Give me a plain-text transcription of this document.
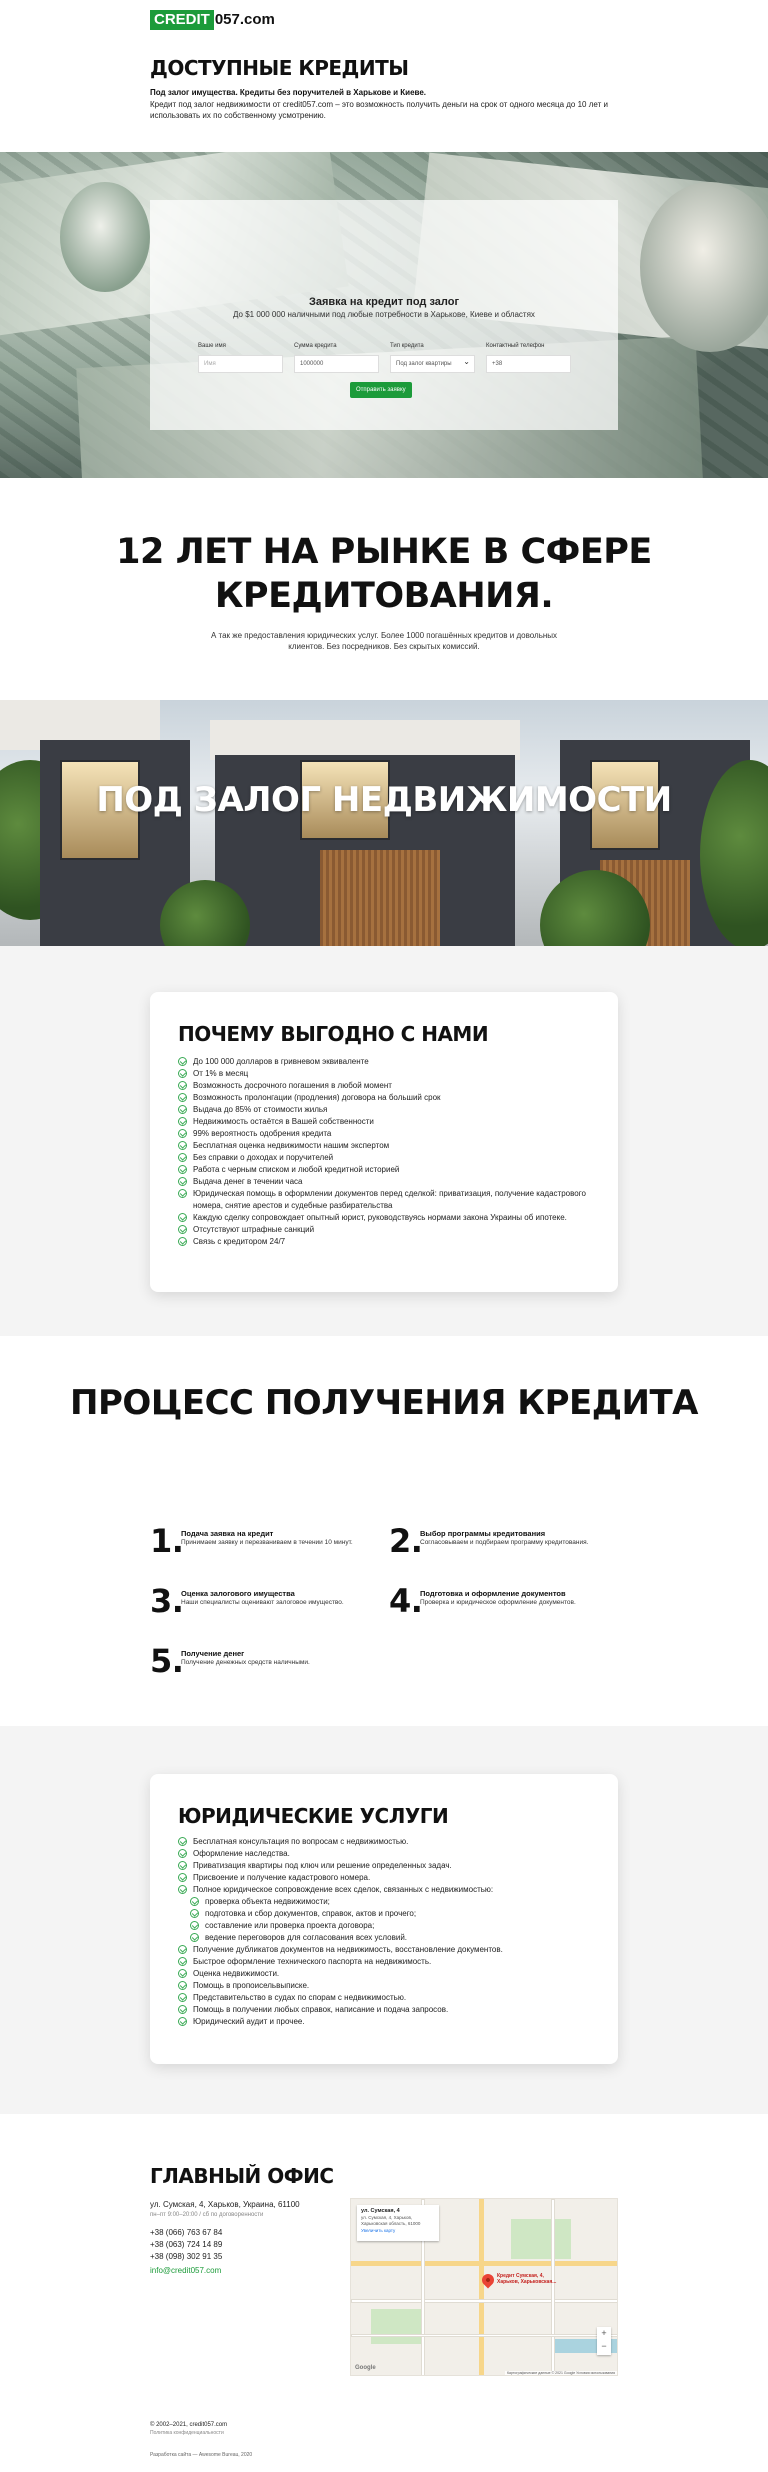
CREDIT 057.com
ДОСТУПНЫЕ КРЕДИТЫ
Под залог имущества. Кредиты без поручителей в Харькове и Киеве.
Кредит под залог недвижимости от credit057.com – это возможность получить деньги на срок от одного месяца до 10 лет и использовать их по собственному усмотрению.
Заявка на кредит под залог
До $1 000 000 наличными под любые потребности в Харькове, Киеве и областях
Ваше имя
Имя
Сумма кредита
1000000
Тип кредита
Под залог квартиры ⌄
Контактный телефон
+38
Отправить заявку
12 ЛЕТ НА РЫНКЕ В СФЕРЕ КРЕДИТОВАНИЯ.
А так же предоставления юридических услуг. Более 1000 погашённых кредитов и довольных клиентов. Без посредников. Без скрытых комиссий.
ПОД ЗАЛОГ НЕДВИЖИМОСТИ
ПОЧЕМУ ВЫГОДНО С НАМИ
До 100 000 долларов в гривневом эквиваленте
От 1% в месяц
Возможность досрочного погашения в любой момент
Возможность пролонгации (продления) договора на больший срок
Выдача до 85% от стоимости жилья
Недвижимость остаётся в Вашей собственности
99% вероятность одобрения кредита
Бесплатная оценка недвижимости нашим экспертом
Без справки о доходах и поручителей
Работа с черным списком и любой кредитной историей
Выдача денег в течении часа
Юридическая помощь в оформлении документов перед сделкой: приватизация, получение кадастрового номера, снятие арестов и судебные разбирательства
Каждую сделку сопровождает опытный юрист, руководствуясь нормами закона Украины об ипотеке.
Отсутствуют штрафные санкций
Связь с кредитором 24/7
ПРОЦЕСС ПОЛУЧЕНИЯ КРЕДИТА
1.
Подача заявка на кредит
Принимаем заявку и перезваниваем в течении 10 минут.	2.
Выбор программы кредитования
Согласовываем и подбираем программу кредитования.
3.
Оценка залогового имущества
Наши специалисты оценивают залоговое имущество.	4.
Подготовка и оформление документов
Проверка и юридическое оформление документов.
5.
Получение денег
Получение денежных средств наличными.
ЮРИДИЧЕСКИЕ УСЛУГИ
Бесплатная консультация по вопросам с недвижимостью.
Оформление наследства.
Приватизация квартиры под ключ или решение определенных задач.
Присвоение и получение кадастрового номера.
Полное юридическое сопровождение всех сделок, связанных с недвижимостью:
проверка объекта недвижимости;
подготовка и сбор документов, справок, актов и прочего;
составление или проверка проекта договора;
ведение переговоров для согласования всех условий.
Получение дубликатов документов на недвижимость, восстановление документов.
Быстрое оформление технического паспорта на недвижимость.
Оценка недвижимости.
Помощь в пропоисельвыписке.
Представительство в судах по спорам с недвижимостью.
Помощь в получении любых справок, написание и подача запросов.
Юридический аудит и прочее.
ГЛАВНЫЙ ОФИС
ул. Сумская, 4, Харьков, Украина, 61100
пн–пт 9:00–20:00 / сб по договоренности
+38 (066) 763 67 84
+38 (063) 724 14 89
+38 (098) 302 91 35
info@credit057.com
ул. Сумская, 4
ул. Сумская, 4, Харьков, Харьковская область, 61000
Увеличить карту
Кредит Сумская, 4, Харьков, Харьковская...
+
−
Google
Картографические данные © 2021 Google Условия использования
© 2002–2021, credit057.com
Политика конфиденциальности
Разработка сайта — Awesome Bureau, 2020
